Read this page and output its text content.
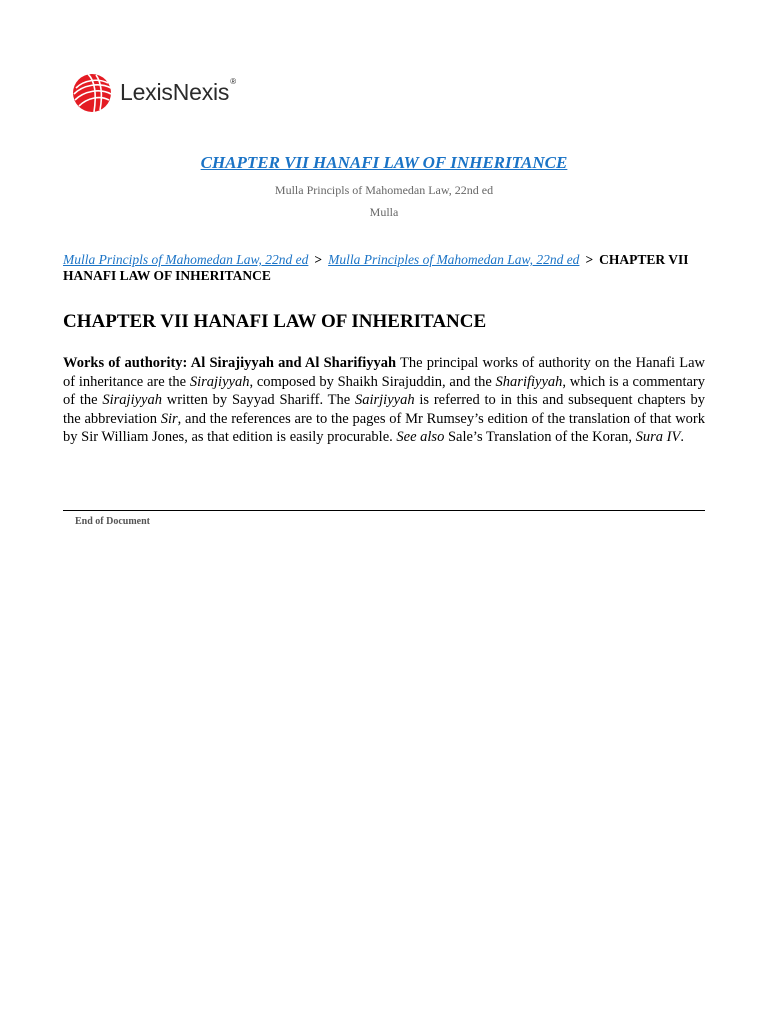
LexisNexis®
CHAPTER VII HANAFI LAW OF INHERITANCE
Mulla Principls of Mahomedan Law, 22nd ed
Mulla
Mulla Principls of Mahomedan Law, 22nd ed > Mulla Principles of Mahomedan Law, 22nd ed > CHAPTER VII HANAFI LAW OF INHERITANCE
CHAPTER VII HANAFI LAW OF INHERITANCE

Works of authority: Al Sirajiyyah and Al Sharifiyyah The principal works of authority on the Hanafi Law of inheritance are the Sirajiyyah, composed by Shaikh Sirajuddin, and the Sharifiyyah, which is a commentary of the Sirajiyyah written by Sayyad Shariff. The Sairjiyyah is referred to in this and subsequent chapters by the abbreviation Sir, and the references are to the pages of Mr Rumsey’s edition of the translation of that work by Sir William Jones, as that edition is easily procurable. See also Sale’s Translation of the Koran, Sura IV.

End of Document
